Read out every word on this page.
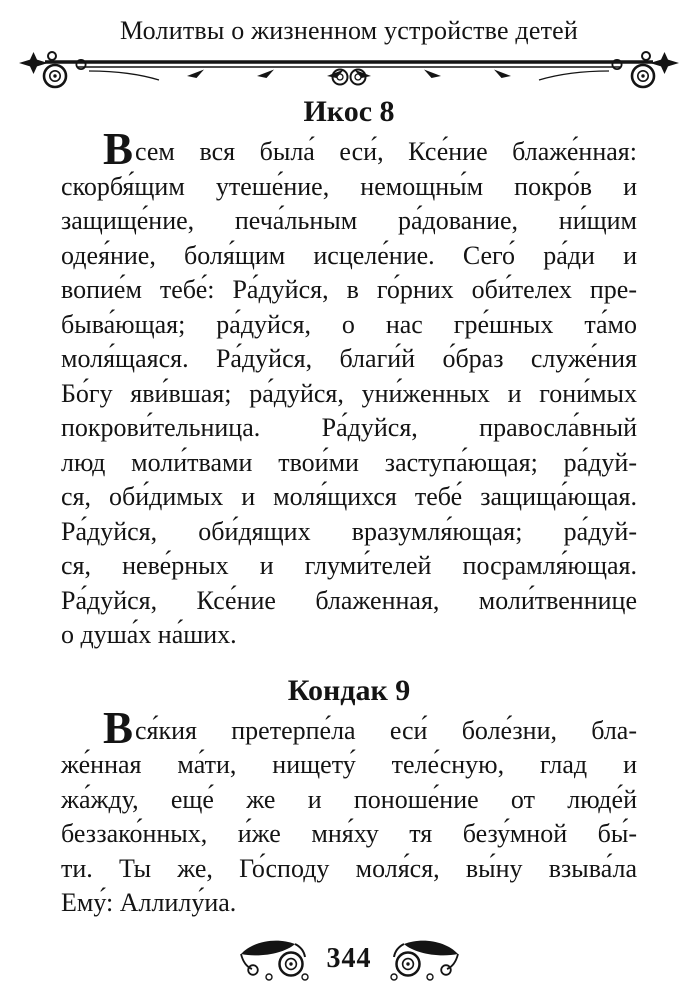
Молитвы о жизненном устройстве детей
Икос 8
Всем вся была́ еси́, Ксе́ние блаже́нная:
скорбя́щим утеше́ние, немощны́м покро́в и
защище́ние, печа́льным ра́дование, ни́щим
одея́ние, боля́щим исцеле́ние. Сего́ ра́ди и
вопие́м тебе́: Ра́дуйся, в го́рних оби́телех пре-
быва́ющая; ра́дуйся, о нас гре́шных та́мо
моля́щаяся. Ра́дуйся, благи́й о́браз служе́ния
Бо́гу яви́вшая; ра́дуйся, уни́женных и гони́мых
покрови́тельница. Ра́дуйся, правосла́вный
люд моли́твами твои́ми заступа́ющая; ра́дуй-
ся, оби́димых и моля́щихся тебе́ защища́ющая.
Ра́дуйся, оби́дящих вразумля́ющая; ра́дуй-
ся, неве́рных и глуми́телей посрамля́ющая.
Ра́дуйся, Ксе́ние блаженная, моли́твеннице
о душа́х на́ших.
Кондак 9
Вся́кия претерпе́ла еси́ боле́зни, бла-
же́нная ма́ти, нищету́ теле́сную, глад и
жа́жду, еще́ же и поноше́ние от люде́й
беззако́нных, и́же мня́ху тя безу́мной бы́-
ти. Ты же, Го́споду моля́ся, вы́ну взыва́ла
Ему́: Аллилу́иа.
344
